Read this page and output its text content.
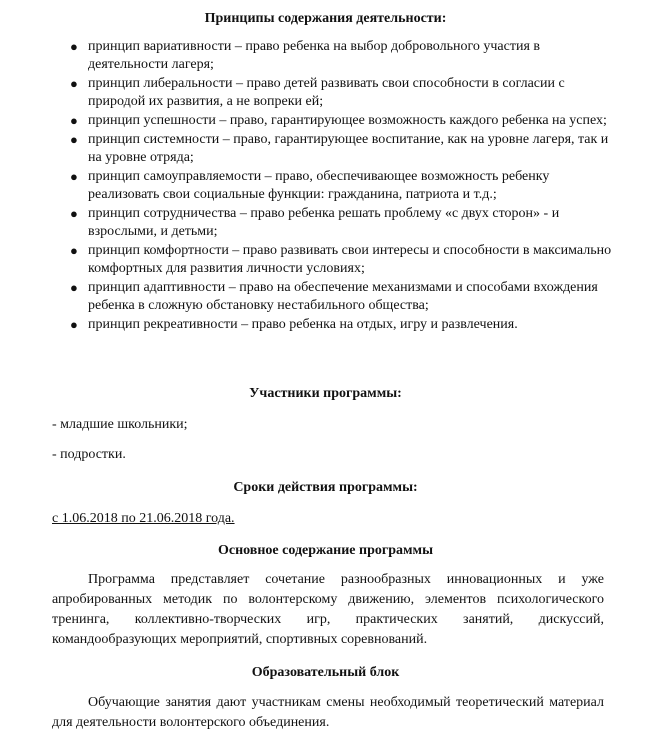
Принципы содержания деятельности:
● принцип вариативности – право ребенка на выбор добровольного участия в деятельности лагеря;
● принцип либеральности – право детей развивать свои способности в согласии с природой их развития, а не вопреки ей;
● принцип успешности – право, гарантирующее возможность каждого ребенка на успех;
● принцип системности – право, гарантирующее воспитание, как на уровне лагеря, так и на уровне отряда;
● принцип самоуправляемости – право, обеспечивающее возможность ребенку реализовать свои социальные функции: гражданина, патриота и т.д.;
● принцип сотрудничества – право ребенка решать проблему «с двух сторон» - и взрослыми, и детьми;
● принцип комфортности – право развивать свои интересы и способности в максимально комфортных для развития личности условиях;
● принцип адаптивности – право на обеспечение механизмами и способами вхождения ребенка в сложную обстановку нестабильного общества;
● принцип рекреативности – право ребенка на отдых, игру и развлечения.
Участники программы:
- младшие школьники;
- подростки.
Сроки действия программы:
с 1.06.2018 по 21.06.2018 года.
Основное содержание программы
Программа представляет сочетание разнообразных инновационных и уже апробированных методик по волонтерскому движению, элементов психологического тренинга, коллективно-творческих игр, практических занятий, дискуссий, командообразующих мероприятий, спортивных соревнований.
Образовательный блок
Обучающие занятия дают участникам смены необходимый теоретический материал для деятельности волонтерского объединения.
